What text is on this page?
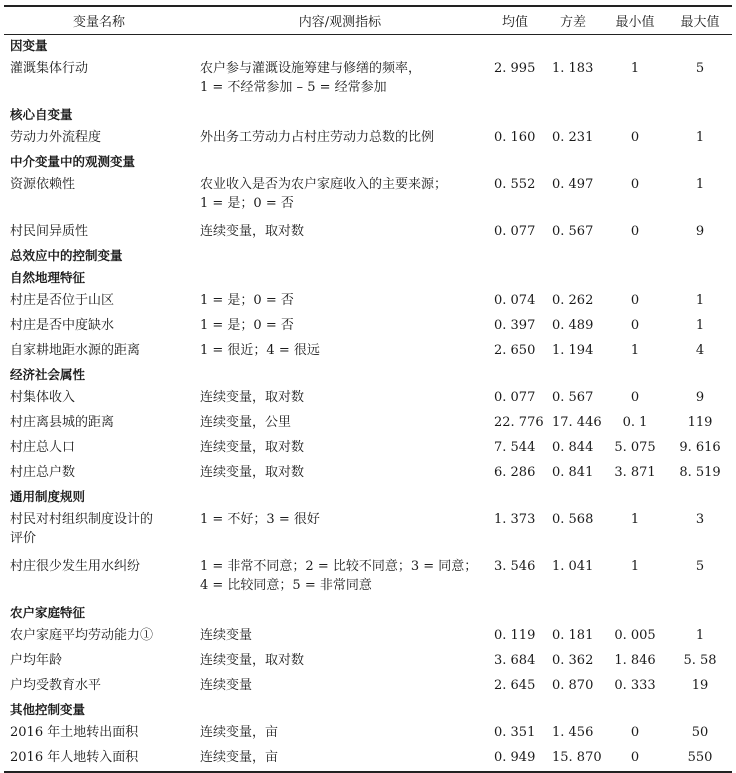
变量名称	内容/观测指标	均值	方差	最小值	最大值
因变量					
灌溉集体行动	农户参与灌溉设施筹建与修缮的频率，
1 = 不经常参加 – 5 = 经常参加	2. 995	1. 183	1	5
核心自变量					
劳动力外流程度	外出务工劳动力占村庄劳动力总数的比例	0. 160	0. 231	0	1
中介变量中的观测变量					
资源依赖性	农业收入是否为农户家庭收入的主要来源；
1 = 是；0 = 否	0. 552	0. 497	0	1
村民间异质性	连续变量，取对数	0. 077	0. 567	0	9
总效应中的控制变量					
自然地理特征					
村庄是否位于山区	1 = 是；0 = 否	0. 074	0. 262	0	1
村庄是否中度缺水	1 = 是；0 = 否	0. 397	0. 489	0	1
自家耕地距水源的距离	1 = 很近；4 = 很远	2. 650	1. 194	1	4
经济社会属性					
村集体收入	连续变量，取对数	0. 077	0. 567	0	9
村庄离县城的距离	连续变量，公里	22. 776	17. 446	0. 1	119
村庄总人口	连续变量，取对数	7. 544	0. 844	5. 075	9. 616
村庄总户数	连续变量，取对数	6. 286	0. 841	3. 871	8. 519
通用制度规则					
村民对村组织制度设计的
评价	1 = 不好；3 = 很好	1. 373	0. 568	1	3
村庄很少发生用水纠纷	1 = 非常不同意；2 = 比较不同意；3 = 同意；
4 = 比较同意；5 = 非常同意	3. 546	1. 041	1	5
农户家庭特征					
农户家庭平均劳动能力①	连续变量	0. 119	0. 181	0. 005	1
户均年龄	连续变量，取对数	3. 684	0. 362	1. 846	5. 58
户均受教育水平	连续变量	2. 645	0. 870	0. 333	19
其他控制变量					
2016 年土地转出面积	连续变量，亩	0. 351	1. 456	0	50
2016 年人地转入面积	连续变量，亩	0. 949	15. 870	0	550
